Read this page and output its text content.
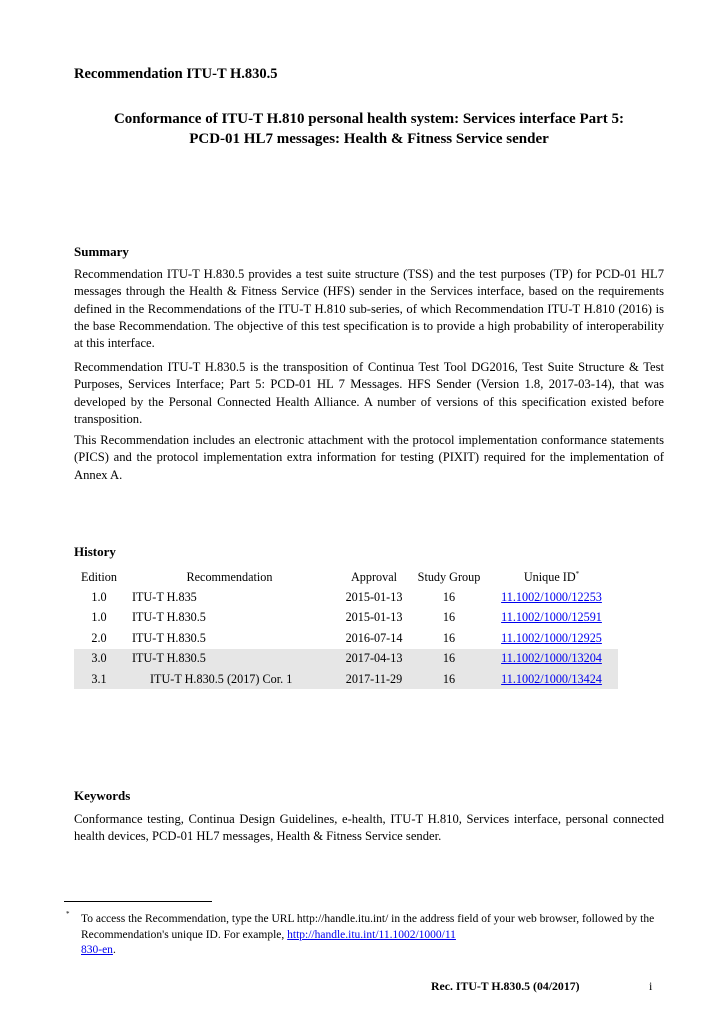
Recommendation ITU-T H.830.5
Conformance of ITU-T H.810 personal health system: Services interface Part 5:
PCD-01 HL7 messages: Health & Fitness Service sender
Summary
Recommendation ITU-T H.830.5 provides a test suite structure (TSS) and the test purposes (TP) for PCD-01 HL7 messages through the Health & Fitness Service (HFS) sender in the Services interface, based on the requirements defined in the Recommendations of the ITU-T H.810 sub-series, of which Recommendation ITU-T H.810 (2016) is the base Recommendation. The objective of this test specification is to provide a high probability of interoperability at this interface.
Recommendation ITU-T H.830.5 is the transposition of Continua Test Tool DG2016, Test Suite Structure & Test Purposes, Services Interface; Part 5: PCD-01 HL 7 Messages. HFS Sender (Version 1.8, 2017-03-14), that was developed by the Personal Connected Health Alliance. A number of versions of this specification existed before transposition.
This Recommendation includes an electronic attachment with the protocol implementation conformance statements (PICS) and the protocol implementation extra information for testing (PIXIT) required for the implementation of Annex A.
History
Edition	Recommendation	Approval	Study Group	Unique ID*
1.0	ITU-T H.835	2015-01-13	16	11.1002/1000/12253
1.0	ITU-T H.830.5	2015-01-13	16	11.1002/1000/12591
2.0	ITU-T H.830.5	2016-07-14	16	11.1002/1000/12925
3.0	ITU-T H.830.5	2017-04-13	16	11.1002/1000/13204
3.1	ITU-T H.830.5 (2017) Cor. 1	2017-11-29	16	11.1002/1000/13424
Keywords
Conformance testing, Continua Design Guidelines, e-health, ITU-T H.810, Services interface, personal connected health devices, PCD-01 HL7 messages, Health & Fitness Service sender.
* To access the Recommendation, type the URL http://handle.itu.int/ in the address field of your web browser, followed by the Recommendation's unique ID. For example, http://handle.itu.int/11.1002/1000/11
830-en.
Rec. ITU-T H.830.5 (04/2017)	i
